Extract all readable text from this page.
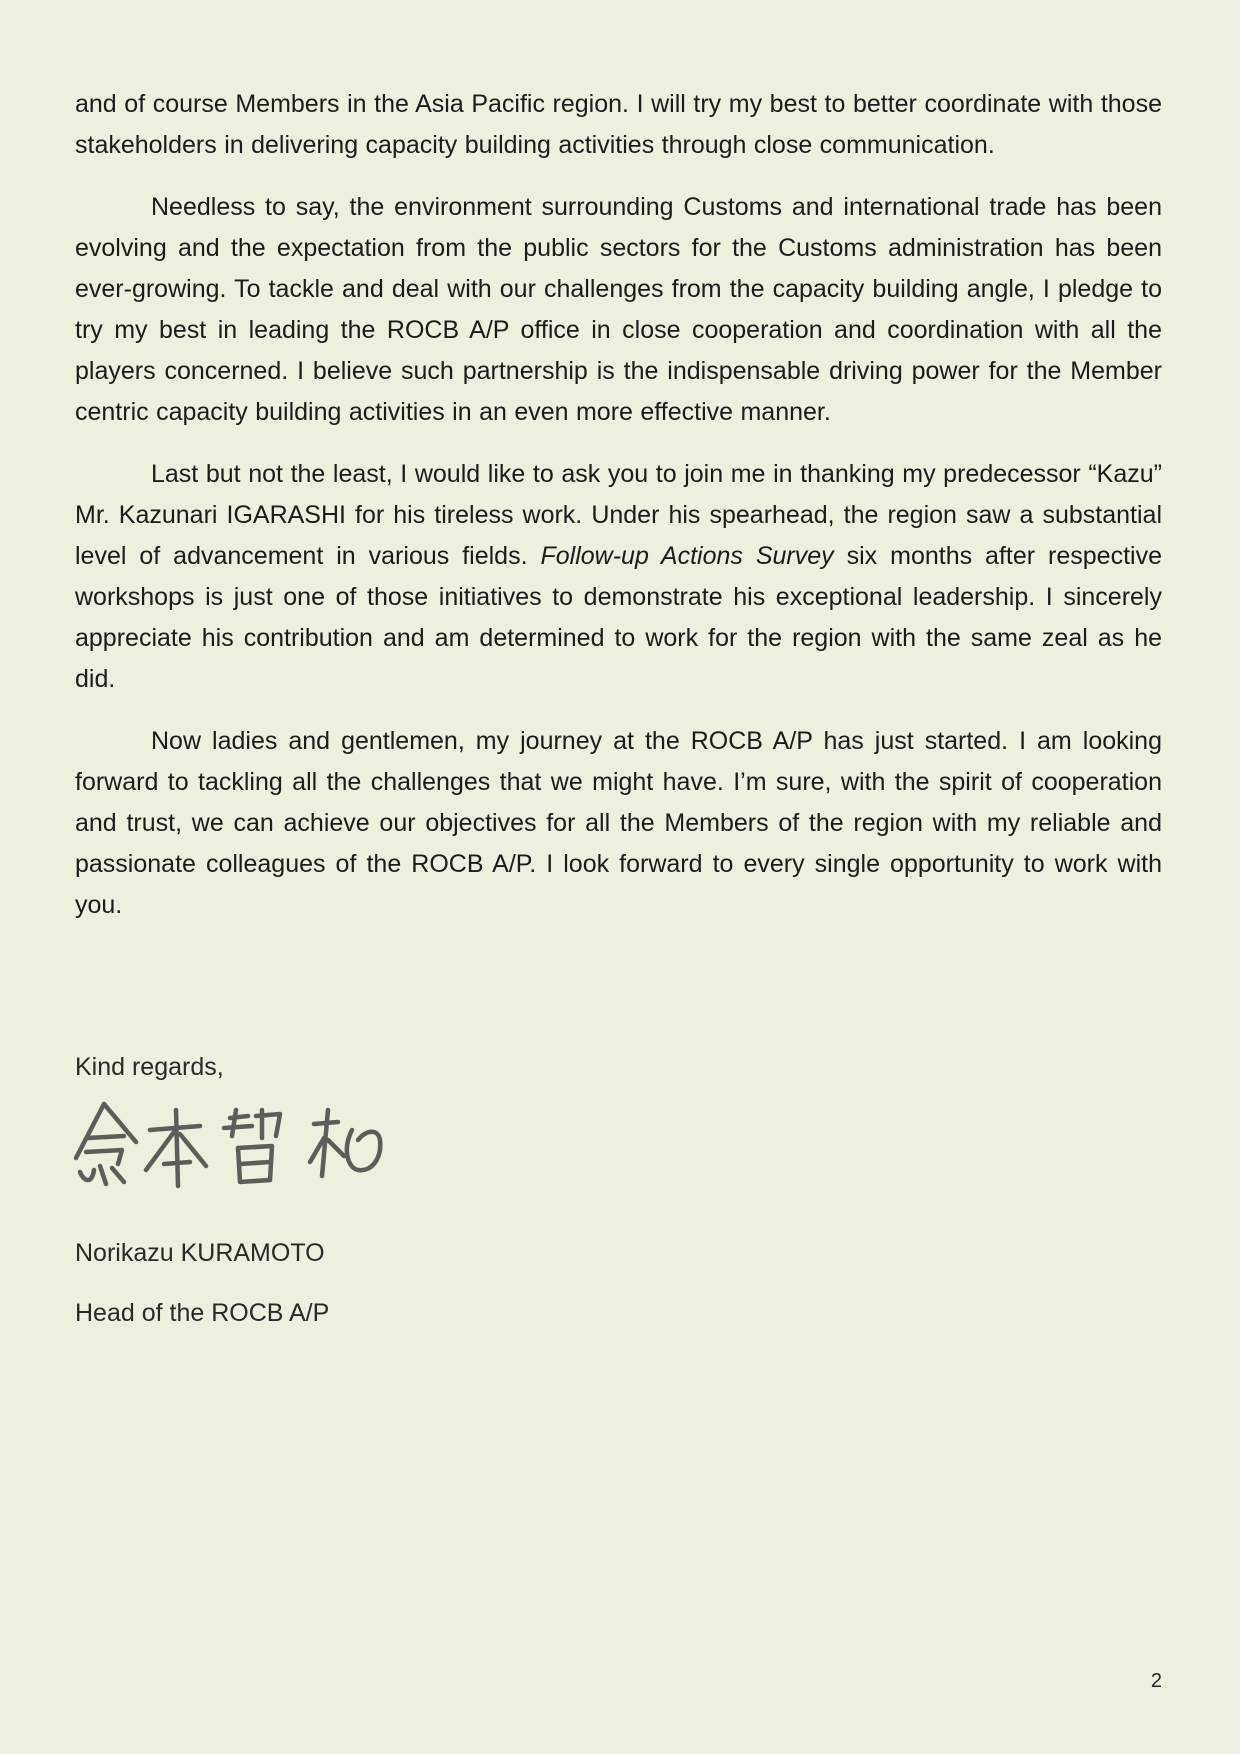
and of course Members in the Asia Pacific region. I will try my best to better coordinate with those stakeholders in delivering capacity building activities through close communication.

Needless to say, the environment surrounding Customs and international trade has been evolving and the expectation from the public sectors for the Customs administration has been ever-growing. To tackle and deal with our challenges from the capacity building angle, I pledge to try my best in leading the ROCB A/P office in close cooperation and coordination with all the players concerned. I believe such partnership is the indispensable driving power for the Member centric capacity building activities in an even more effective manner.

Last but not the least, I would like to ask you to join me in thanking my predecessor “Kazu” Mr. Kazunari IGARASHI for his tireless work. Under his spearhead, the region saw a substantial level of advancement in various fields. Follow-up Actions Survey six months after respective workshops is just one of those initiatives to demonstrate his exceptional leadership. I sincerely appreciate his contribution and am determined to work for the region with the same zeal as he did.

Now ladies and gentlemen, my journey at the ROCB A/P has just started. I am looking forward to tackling all the challenges that we might have. I’m sure, with the spirit of cooperation and trust, we can achieve our objectives for all the Members of the region with my reliable and passionate colleagues of the ROCB A/P. I look forward to every single opportunity to work with you.

Kind regards,

Norikazu KURAMOTO

Head of the ROCB A/P

2
